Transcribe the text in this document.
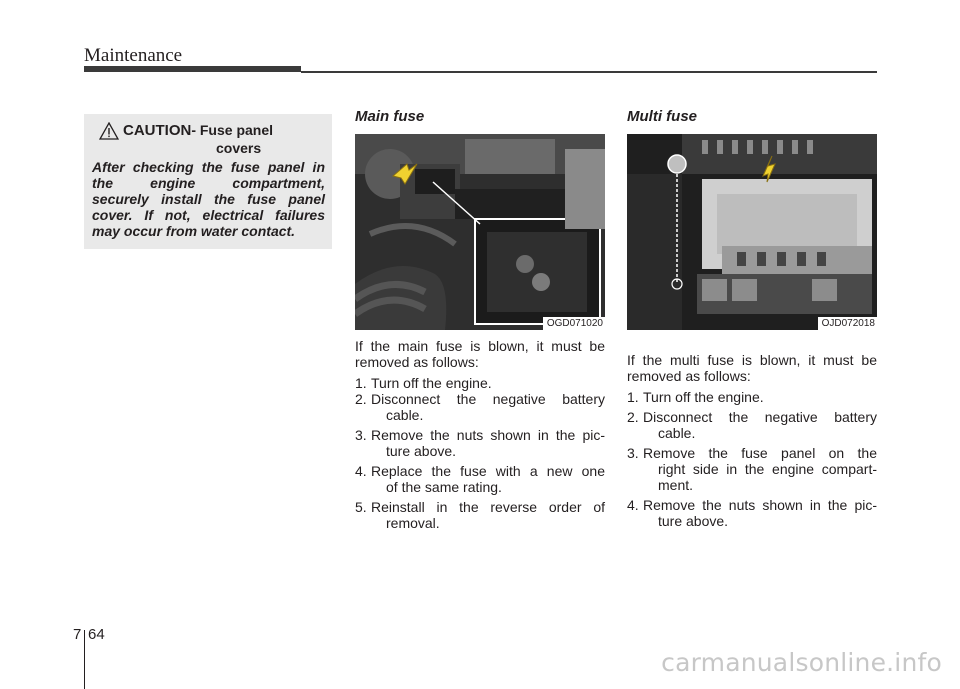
Maintenance
CAUTION - Fuse panel
covers
After checking the fuse panel in
the engine compartment,
securely install the fuse panel
cover. If not, electrical failures
may occur from water contact.
Main fuse
OGD071020
If the main fuse is blown, it must be
removed as follows:
1. Turn off the engine.
2. Disconnect the negative battery
cable.
3. Remove the nuts shown in the pic-
ture above.
4. Replace the fuse with a new one
of the same rating.
5. Reinstall in the reverse order of
removal.
Multi fuse
OJD072018
If the multi fuse is blown, it must be
removed as follows:
1. Turn off the engine.
2. Disconnect the negative battery
cable.
3. Remove the fuse panel on the
right side in the engine compart-
ment.
4. Remove the nuts shown in the pic-
ture above.
7 64
carmanualsonline.info
